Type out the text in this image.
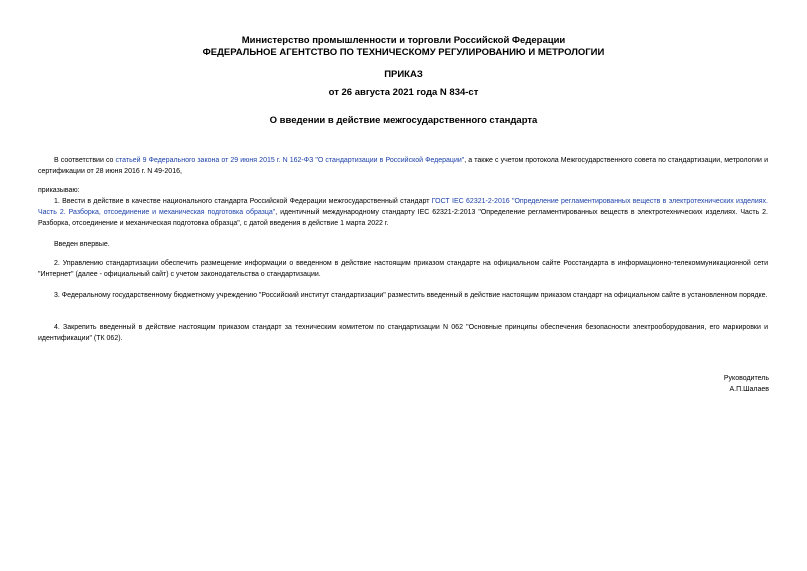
Министерство промышленности и торговли Российской Федерации
ФЕДЕРАЛЬНОЕ АГЕНТСТВО ПО ТЕХНИЧЕСКОМУ РЕГУЛИРОВАНИЮ И МЕТРОЛОГИИ
ПРИКАЗ
от 26 августа 2021 года N 834-ст
О введении в действие межгосударственного стандарта
В соответствии со статьей 9 Федерального закона от 29 июня 2015 г. N 162-ФЗ "О стандартизации в Российской Федерации", а также с учетом протокола Межгосударственного совета по стандартизации, метрологии и сертификации от 28 июня 2016 г. N 49-2016,
приказываю:
1. Ввести в действие в качестве национального стандарта Российской Федерации межгосударственный стандарт ГОСТ IEC 62321-2-2016 "Определение регламентированных веществ в электротехнических изделиях. Часть 2. Разборка, отсоединение и механическая подготовка образца", идентичный международному стандарту IEC 62321-2:2013 "Определение регламентированных веществ в электротехнических изделиях. Часть 2. Разборка, отсоединение и механическая подготовка образца", с датой введения в действие 1 марта 2022 г.
Введен впервые.
2. Управлению стандартизации обеспечить размещение информации о введенном в действие настоящим приказом стандарте на официальном сайте Росстандарта в информационно-телекоммуникационной сети "Интернет" (далее - официальный сайт) с учетом законодательства о стандартизации.
3. Федеральному государственному бюджетному учреждению "Российский институт стандартизации" разместить введенный в действие настоящим приказом стандарт на официальном сайте в установленном порядке.
4. Закрепить введенный в действие настоящим приказом стандарт за техническим комитетом по стандартизации N 062 "Основные принципы обеспечения безопасности электрооборудования, его маркировки и идентификации" (ТК 062).
Руководитель
А.П.Шалаев
